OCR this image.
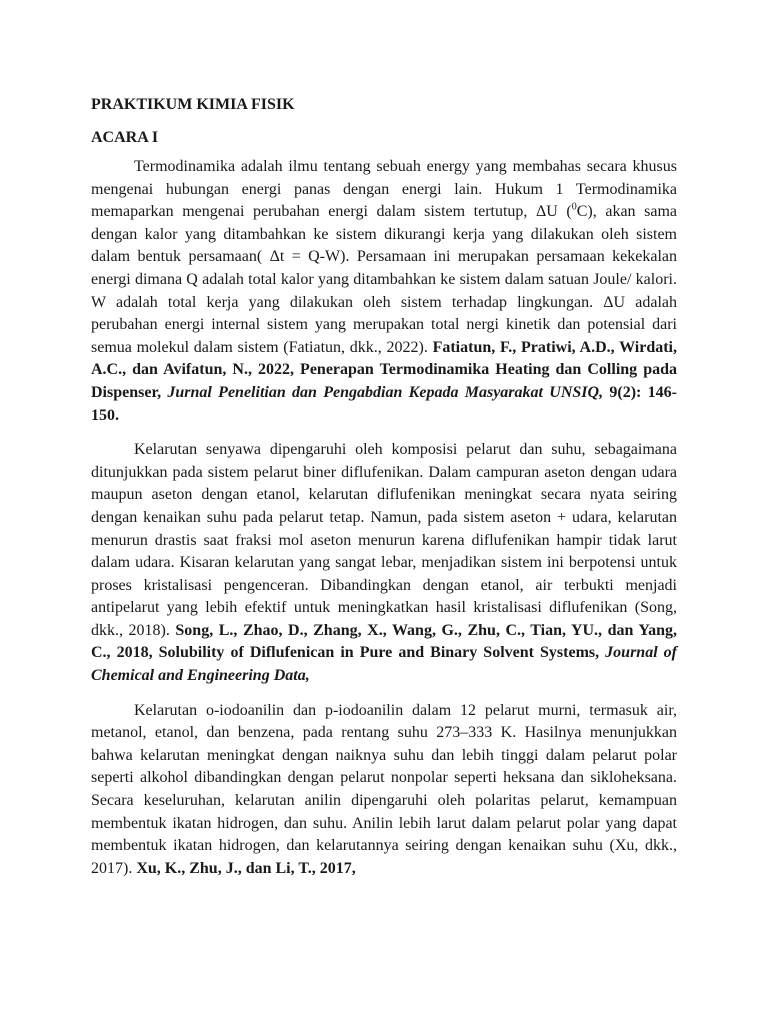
PRAKTIKUM KIMIA FISIK
ACARA I

Termodinamika adalah ilmu tentang sebuah energy yang membahas secara khusus mengenai hubungan energi panas dengan energi lain. Hukum 1 Termodinamika memaparkan mengenai perubahan energi dalam sistem tertutup, ΔU ($^0$C), akan sama dengan kalor yang ditambahkan ke sistem dikurangi kerja yang dilakukan oleh sistem dalam bentuk persamaan( Δt = Q-W). Persamaan ini merupakan persamaan kekekalan energi dimana Q adalah total kalor yang ditambahkan ke sistem dalam satuan Joule/ kalori. W adalah total kerja yang dilakukan oleh sistem terhadap lingkungan. ΔU adalah perubahan energi internal sistem yang merupakan total nergi kinetik dan potensial dari semua molekul dalam sistem (Fatiatun, dkk., 2022). Fatiatun, F., Pratiwi, A.D., Wirdati, A.C., dan Avifatun, N., 2022, Penerapan Termodinamika Heating dan Colling pada Dispenser, Jurnal Penelitian dan Pengabdian Kepada Masyarakat UNSIQ, 9(2): 146-150.

Kelarutan senyawa dipengaruhi oleh komposisi pelarut dan suhu, sebagaimana ditunjukkan pada sistem pelarut biner diflufenikan. Dalam campuran aseton dengan udara maupun aseton dengan etanol, kelarutan diflufenikan meningkat secara nyata seiring dengan kenaikan suhu pada pelarut tetap. Namun, pada sistem aseton + udara, kelarutan menurun drastis saat fraksi mol aseton menurun karena diflufenikan hampir tidak larut dalam udara. Kisaran kelarutan yang sangat lebar, menjadikan sistem ini berpotensi untuk proses kristalisasi pengenceran. Dibandingkan dengan etanol, air terbukti menjadi antipelarut yang lebih efektif untuk meningkatkan hasil kristalisasi diflufenikan (Song, dkk., 2018). Song, L., Zhao, D., Zhang, X., Wang, G., Zhu, C., Tian, YU., dan Yang, C., 2018, Solubility of Diflufenican in Pure and Binary Solvent Systems, Journal of Chemical and Engineering Data,

Kelarutan o-iodoanilin dan p-iodoanilin dalam 12 pelarut murni, termasuk air, metanol, etanol, dan benzena, pada rentang suhu 273–333 K. Hasilnya menunjukkan bahwa kelarutan meningkat dengan naiknya suhu dan lebih tinggi dalam pelarut polar seperti alkohol dibandingkan dengan pelarut nonpolar seperti heksana dan sikloheksana. Secara keseluruhan, kelarutan anilin dipengaruhi oleh polaritas pelarut, kemampuan membentuk ikatan hidrogen, dan suhu. Anilin lebih larut dalam pelarut polar yang dapat membentuk ikatan hidrogen, dan kelarutannya seiring dengan kenaikan suhu (Xu, dkk., 2017). Xu, K., Zhu, J., dan Li, T., 2017,
